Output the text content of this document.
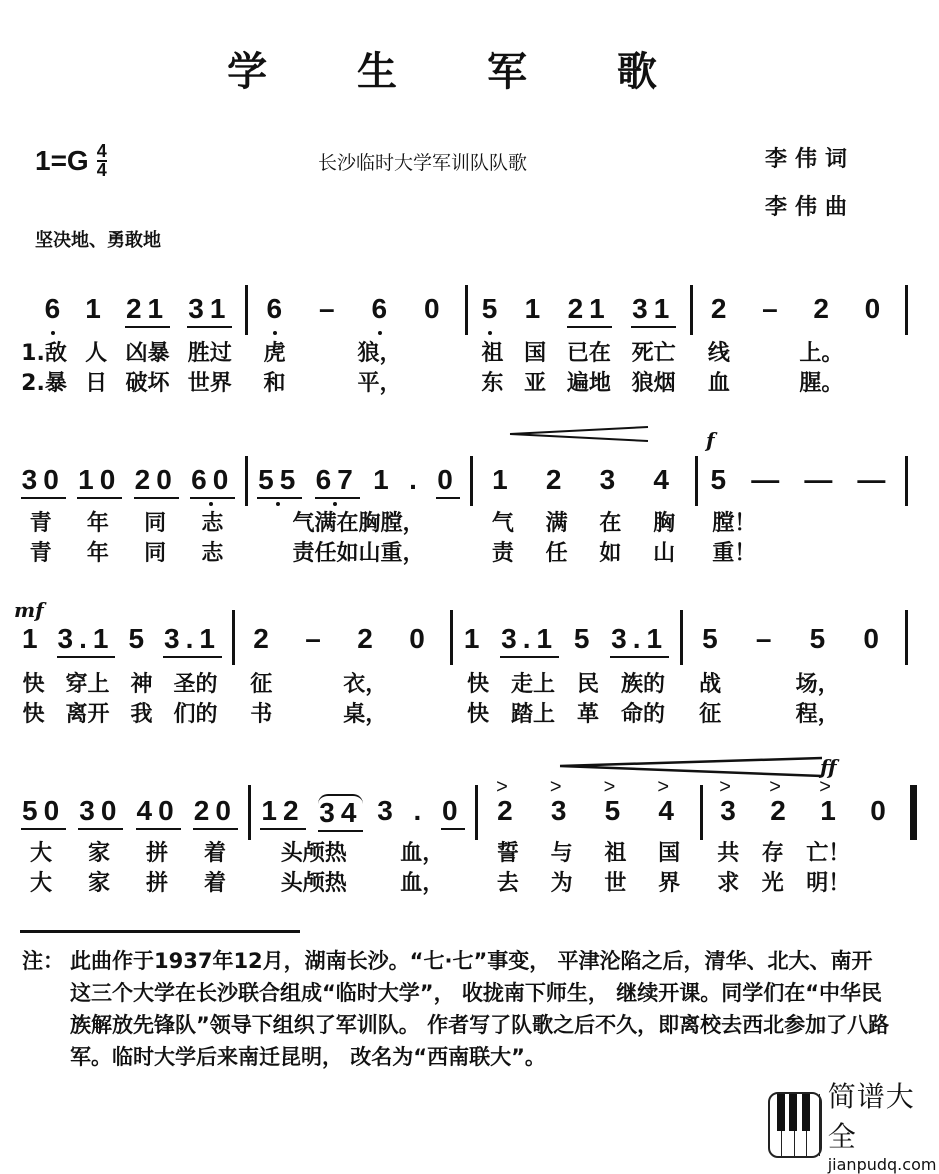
学 生 军 歌
$1=G \frac{4}{4}$	长沙临时大学军训队队歌	李伟词
李伟曲
坚决地、勇敢地
6 1 21 31
1.敌 人 凶暴 胜过
2.暴 日 破坏 世界
6 – 6 0
虎	狼，
和	平，
5 1 21 31
祖 国 已在 死亡
东 亚 遍地 狼烟
2 – 2 0
线	上。
血	腥。
30 10 20 60
青 年 同 志
青 年 同 志
55 67 1 . 0
气满在胸膛，
责任如山重，
1 2 3 4
气 满 在 胸
责 任 如 山
5 — — —
膛！
重！
1 3.1 5 3.1
快 穿上 神 圣的
快 离开 我 们的
2 – 2 0
征	衣，
书	桌，
1 3.1 5 3.1
快 走上 民 族的
快 踏上 革 命的
5 – 5 0
战	场，
征	程，
50 30 40 20
大 家 拼 着
大 家 拼 着
12 34 3 . 0
头颅热 血，
头颅热 血，
> 2 > 3 > 5 > 4
誓 与 祖 国
去 为 世 界
> 3 > 2 > 1 0
共 存 亡！
求 光 明！
f
mf
ff
注： 此曲作于1937年12月，湖南长沙。“七·七”事变， 平津沦陷之后，清华、北大、南开这三个大学在长沙联合组成“临时大学”， 收拢南下师生， 继续开课。同学们在“中华民族解放先锋队”领导下组织了军训队。 作者写了队歌之后不久，即离校去西北参加了八路军。临时大学后来南迁昆明， 改名为“西南联大”。
简谱大全
jianpudq.com
